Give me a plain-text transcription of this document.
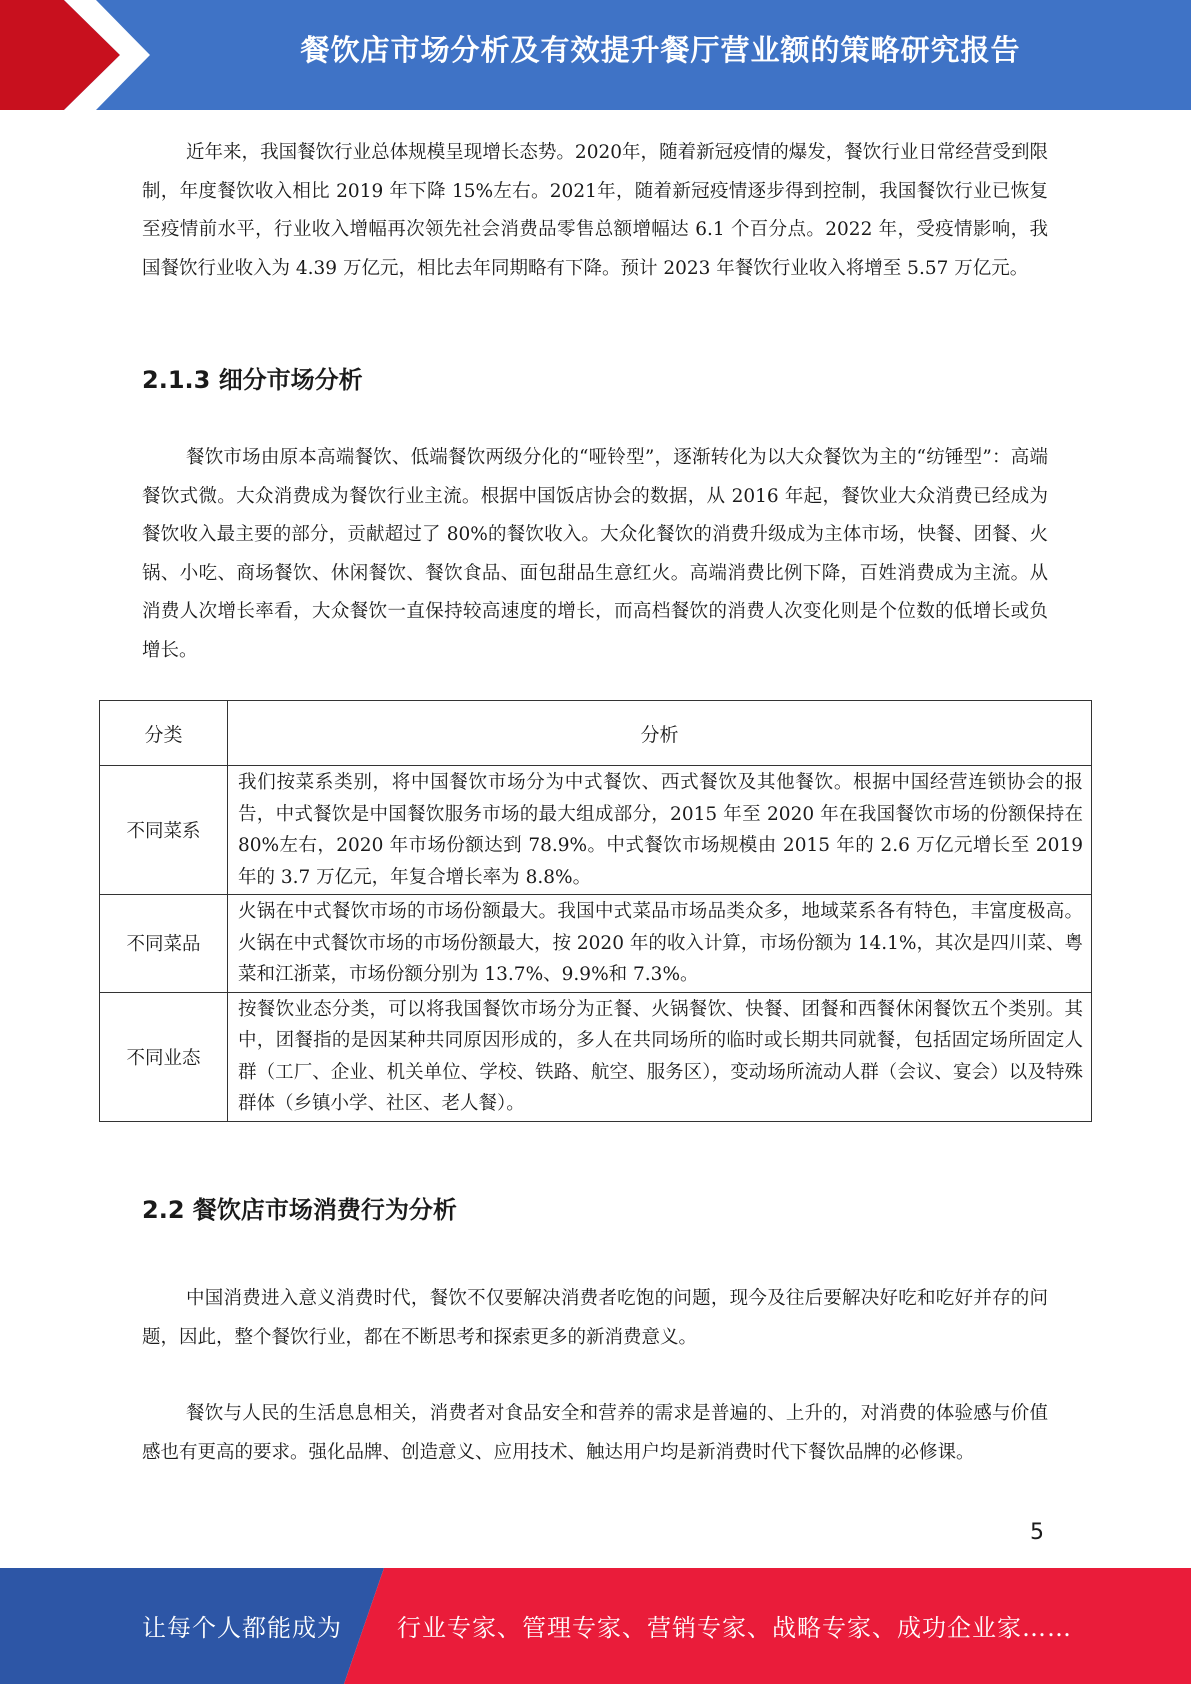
餐饮店市场分析及有效提升餐厅营业额的策略研究报告

近年来，我国餐饮行业总体规模呈现增长态势。2020年，随着新冠疫情的爆发，餐饮行业日常经营受到限制，年度餐饮收入相比 2019 年下降 15%左右。2021年，随着新冠疫情逐步得到控制，我国餐饮行业已恢复至疫情前水平，行业收入增幅再次领先社会消费品零售总额增幅达 6.1 个百分点。2022 年，受疫情影响，我国餐饮行业收入为 4.39 万亿元，相比去年同期略有下降。预计 2023 年餐饮行业收入将增至 5.57 万亿元。

2.1.3 细分市场分析

餐饮市场由原本高端餐饮、低端餐饮两级分化的“哑铃型”，逐渐转化为以大众餐饮为主的“纺锤型”：高端餐饮式微。大众消费成为餐饮行业主流。根据中国饭店协会的数据，从 2016 年起，餐饮业大众消费已经成为餐饮收入最主要的部分，贡献超过了 80%的餐饮收入。大众化餐饮的消费升级成为主体市场，快餐、团餐、火锅、小吃、商场餐饮、休闲餐饮、餐饮食品、面包甜品生意红火。高端消费比例下降，百姓消费成为主流。从消费人次增长率看，大众餐饮一直保持较高速度的增长，而高档餐饮的消费人次变化则是个位数的低增长或负增长。

分类	分析
不同菜系	我们按菜系类别，将中国餐饮市场分为中式餐饮、西式餐饮及其他餐饮。根据中国经营连锁协会的报告，中式餐饮是中国餐饮服务市场的最大组成部分，2015 年至 2020 年在我国餐饮市场的份额保持在 80%左右，2020 年市场份额达到 78.9%。中式餐饮市场规模由 2015 年的 2.6 万亿元增长至 2019 年的 3.7 万亿元，年复合增长率为 8.8%。
不同菜品	火锅在中式餐饮市场的市场份额最大。我国中式菜品市场品类众多，地域菜系各有特色，丰富度极高。火锅在中式餐饮市场的市场份额最大，按 2020 年的收入计算，市场份额为 14.1%，其次是四川菜、粤菜和江浙菜，市场份额分别为 13.7%、9.9%和 7.3%。
不同业态	按餐饮业态分类，可以将我国餐饮市场分为正餐、火锅餐饮、快餐、团餐和西餐休闲餐饮五个类别。其中，团餐指的是因某种共同原因形成的，多人在共同场所的临时或长期共同就餐，包括固定场所固定人群（工厂、企业、机关单位、学校、铁路、航空、服务区），变动场所流动人群（会议、宴会）以及特殊群体（乡镇小学、社区、老人餐）。
2.2 餐饮店市场消费行为分析

中国消费进入意义消费时代，餐饮不仅要解决消费者吃饱的问题，现今及往后要解决好吃和吃好并存的问题，因此，整个餐饮行业，都在不断思考和探索更多的新消费意义。

餐饮与人民的生活息息相关，消费者对食品安全和营养的需求是普遍的、上升的，对消费的体验感与价值感也有更高的要求。强化品牌、创造意义、应用技术、触达用户均是新消费时代下餐饮品牌的必修课。

5
让每个人都能成为 行业专家、管理专家、营销专家、战略专家、成功企业家……
